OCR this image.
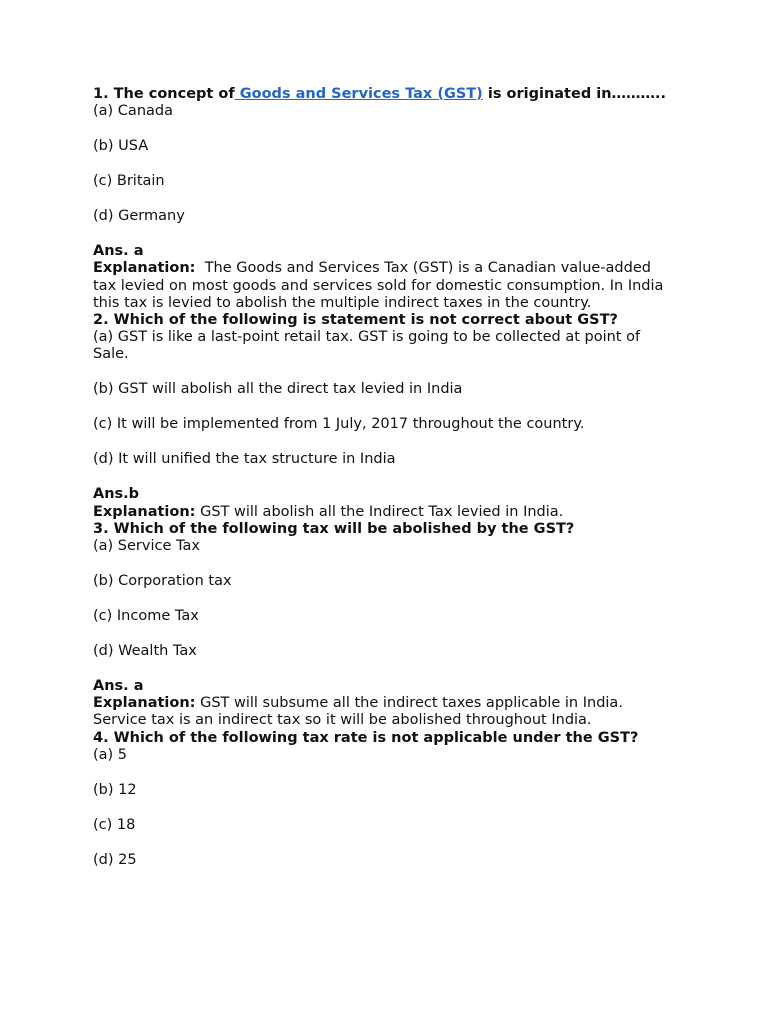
1. The concept of Goods and Services Tax (GST) is originated in………..

(a) Canada

(b) USA

(c) Britain

(d) Germany

Ans. a

Explanation:  The Goods and Services Tax (GST) is a Canadian value-added tax levied on most goods and services sold for domestic consumption. In India this tax is levied to abolish the multiple indirect taxes in the country.

2. Which of the following is statement is not correct about GST?

(a) GST is like a last-point retail tax. GST is going to be collected at point of Sale.

(b) GST will abolish all the direct tax levied in India

(c) It will be implemented from 1 July, 2017 throughout the country.

(d) It will unified the tax structure in India

Ans.b

Explanation: GST will abolish all the Indirect Tax levied in India.

3. Which of the following tax will be abolished by the GST?

(a) Service Tax

(b) Corporation tax

(c) Income Tax

(d) Wealth Tax

Ans. a

Explanation: GST will subsume all the indirect taxes applicable in India. Service tax is an indirect tax so it will be abolished throughout India.

4. Which of the following tax rate is not applicable under the GST?

(a) 5

(b) 12

(c) 18

(d) 25
